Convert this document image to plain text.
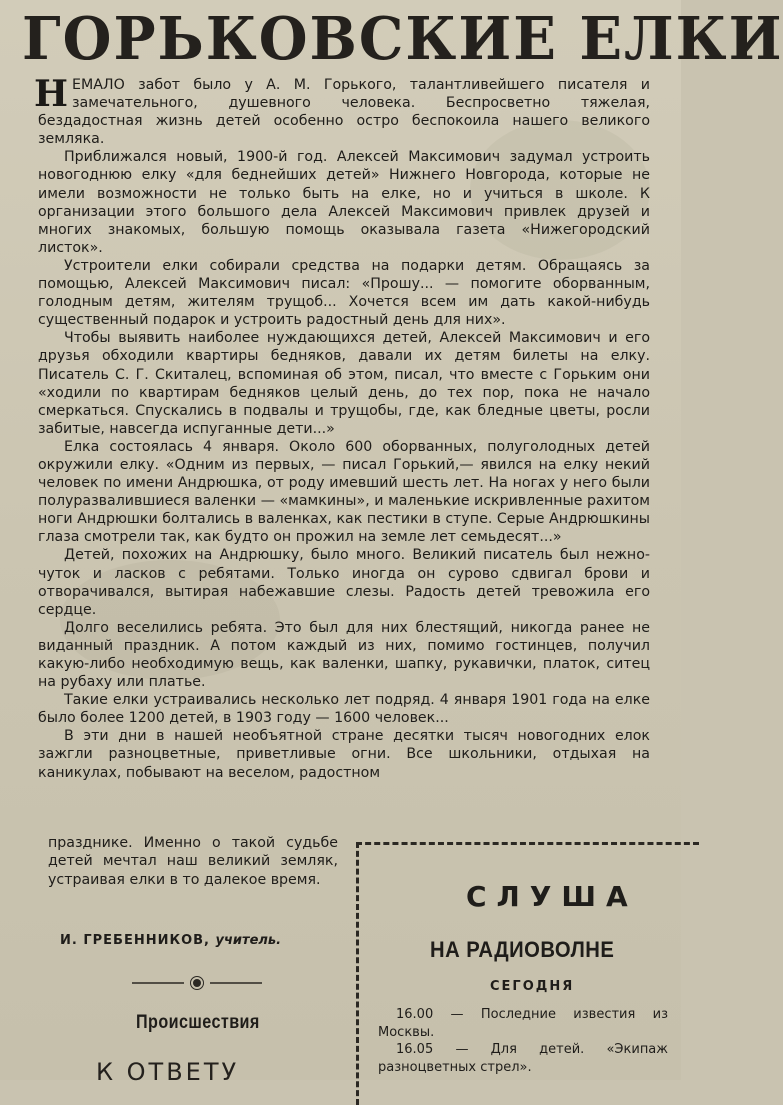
ГОРЬКОВСКИЕ ЕЛКИ

НЕМАЛО забот было у А. М. Горького, талантливейшего писателя и замечательного, душевного человека. Беспросветно тяжелая, бездадостная жизнь детей особенно остро беспокоила нашего великого земляка.

Приближался новый, 1900-й год. Алексей Максимович задумал устроить новогоднюю елку «для беднейших детей» Нижнего Новгорода, которые не имели возможности не только быть на елке, но и учиться в школе. К организации этого большого дела Алексей Максимович привлек друзей и многих знакомых, большую помощь оказывала газета «Нижегородский листок».

Устроители елки собирали средства на подарки детям. Обращаясь за помощью, Алексей Максимович писал: «Прошу... — помогите оборванным, голодным детям, жителям трущоб... Хочется всем им дать какой-нибудь существенный подарок и устроить радостный день для них».

Чтобы выявить наиболее нуждающихся детей, Алексей Максимович и его друзья обходили квартиры бедняков, давали их детям билеты на елку. Писатель С. Г. Скиталец, вспоминая об этом, писал, что вместе с Горьким они «ходили по квартирам бедняков целый день, до тех пор, пока не начало смеркаться. Спускались в подвалы и трущобы, где, как бледные цветы, росли забитые, навсегда испуганные дети...»

Елка состоялась 4 января. Около 600 оборванных, полуголодных детей окружили елку. «Одним из первых, — писал Горький,— явился на елку некий человек по имени Андрюшка, от роду имевший шесть лет. На ногах у него были полуразвалившиеся валенки — «мамкины», и маленькие искривленные рахитом ноги Андрюшки болтались в валенках, как пестики в ступе. Серые Андрюшкины глаза смотрели так, как будто он прожил на земле лет семьдесят...»

Детей, похожих на Андрюшку, было много. Великий писатель был нежно-чуток и ласков с ребятами. Только иногда он сурово сдвигал брови и отворачивался, вытирая набежавшие слезы. Радость детей тревожила его сердце.

Долго веселились ребята. Это был для них блестящий, никогда ранее не виданный праздник. А потом каждый из них, помимо гостинцев, получил какую-либо необходимую вещь, как валенки, шапку, рукавички, платок, ситец на рубаху или платье.

Такие елки устраивались несколько лет подряд. 4 января 1901 года на елке было более 1200 детей, в 1903 году — 1600 человек...

В эти дни в нашей необъятной стране десятки тысяч новогодних елок зажгли разноцветные, приветливые огни. Все школьники, отдыхая на каникулах, побывают на веселом, радостном

празднике. Именно о такой судьбе детей мечтал наш великий земляк, устраивая елки в то далекое время.

И. ГРЕБЕННИКОВ, учитель.
Происшествия
К ОТВЕТУ
СЛУША
НА РАДИОВОЛНЕ
СЕГОДНЯ

16.00 — Последние известия из Москвы.

16.05 — Для детей. «Экипаж разноцветных стрел».
